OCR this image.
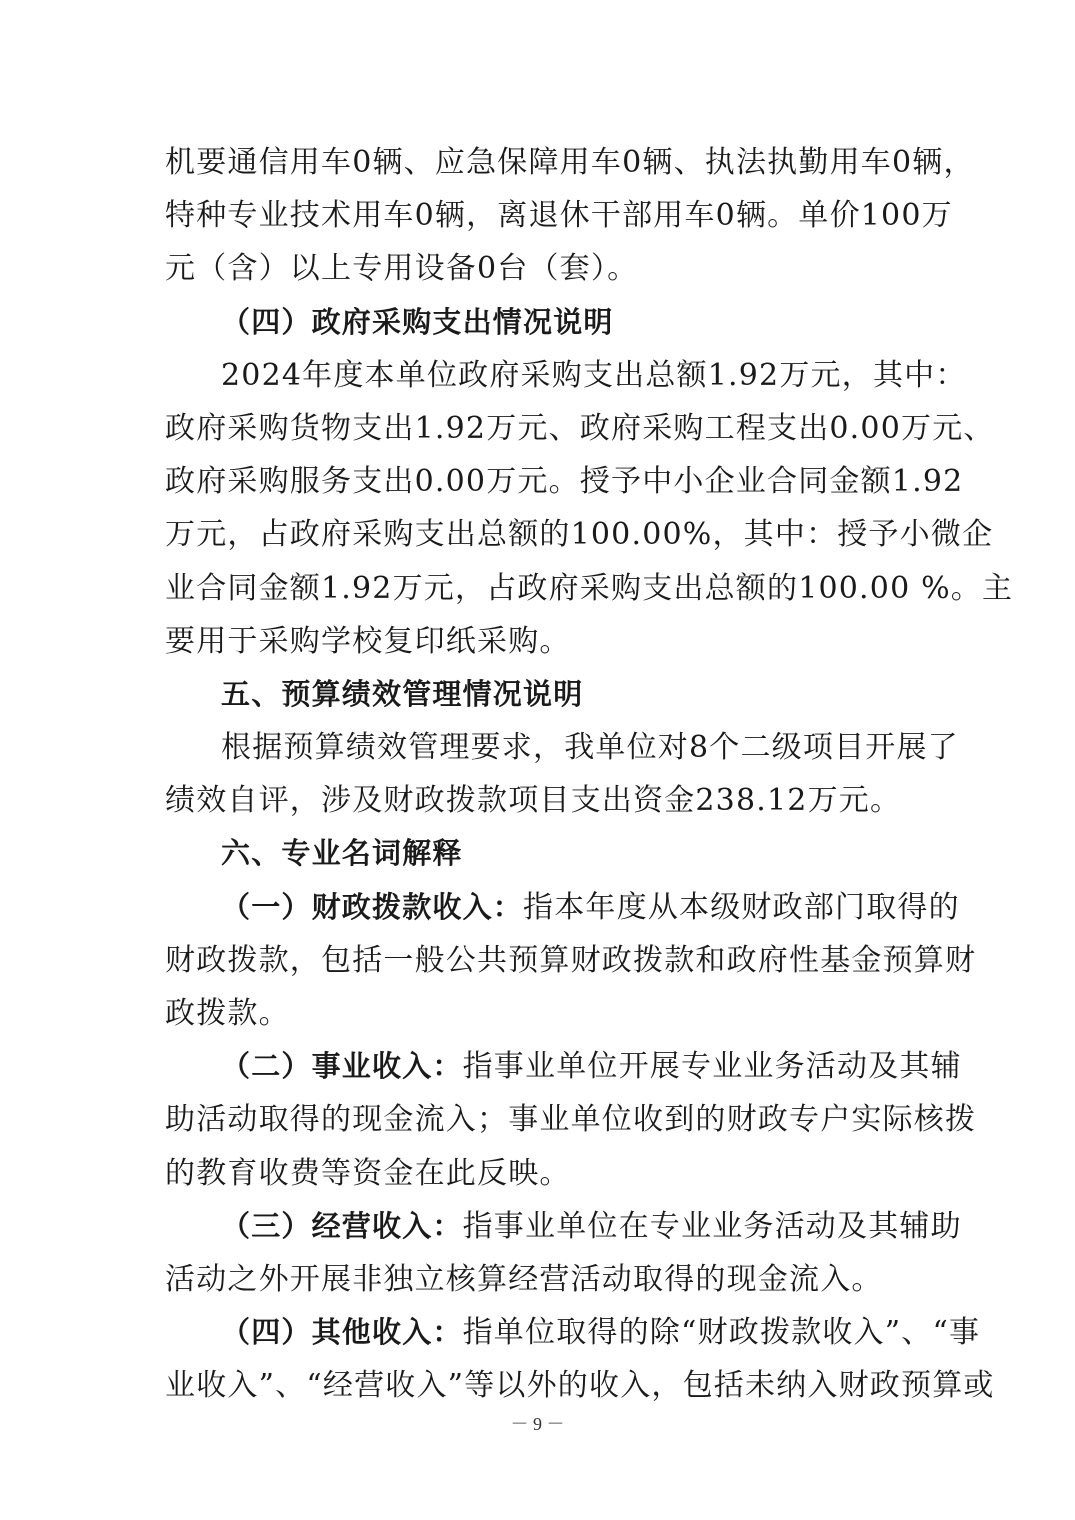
机要通信用车0辆、应急保障用车0辆、执法执勤用车0辆，
特种专业技术用车0辆，离退休干部用车0辆。单价100万
元（含）以上专用设备0台（套）。
（四）政府采购支出情况说明
2024年度本单位政府采购支出总额1.92万元，其中：
政府采购货物支出1.92万元、政府采购工程支出0.00万元、
政府采购服务支出0.00万元。授予中小企业合同金额1.92
万元，占政府采购支出总额的100.00%，其中：授予小微企
业合同金额1.92万元，占政府采购支出总额的100.00 %。主
要用于采购学校复印纸采购。
五、预算绩效管理情况说明
根据预算绩效管理要求，我单位对8个二级项目开展了
绩效自评，涉及财政拨款项目支出资金238.12万元。
六、专业名词解释
（一）财政拨款收入：指本年度从本级财政部门取得的
财政拨款，包括一般公共预算财政拨款和政府性基金预算财
政拨款。
（二）事业收入：指事业单位开展专业业务活动及其辅
助活动取得的现金流入；事业单位收到的财政专户实际核拨
的教育收费等资金在此反映。
（三）经营收入：指事业单位在专业业务活动及其辅助
活动之外开展非独立核算经营活动取得的现金流入。
（四）其他收入：指单位取得的除“财政拨款收入”、“事
业收入”、“经营收入”等以外的收入，包括未纳入财政预算或
－ 9 －
